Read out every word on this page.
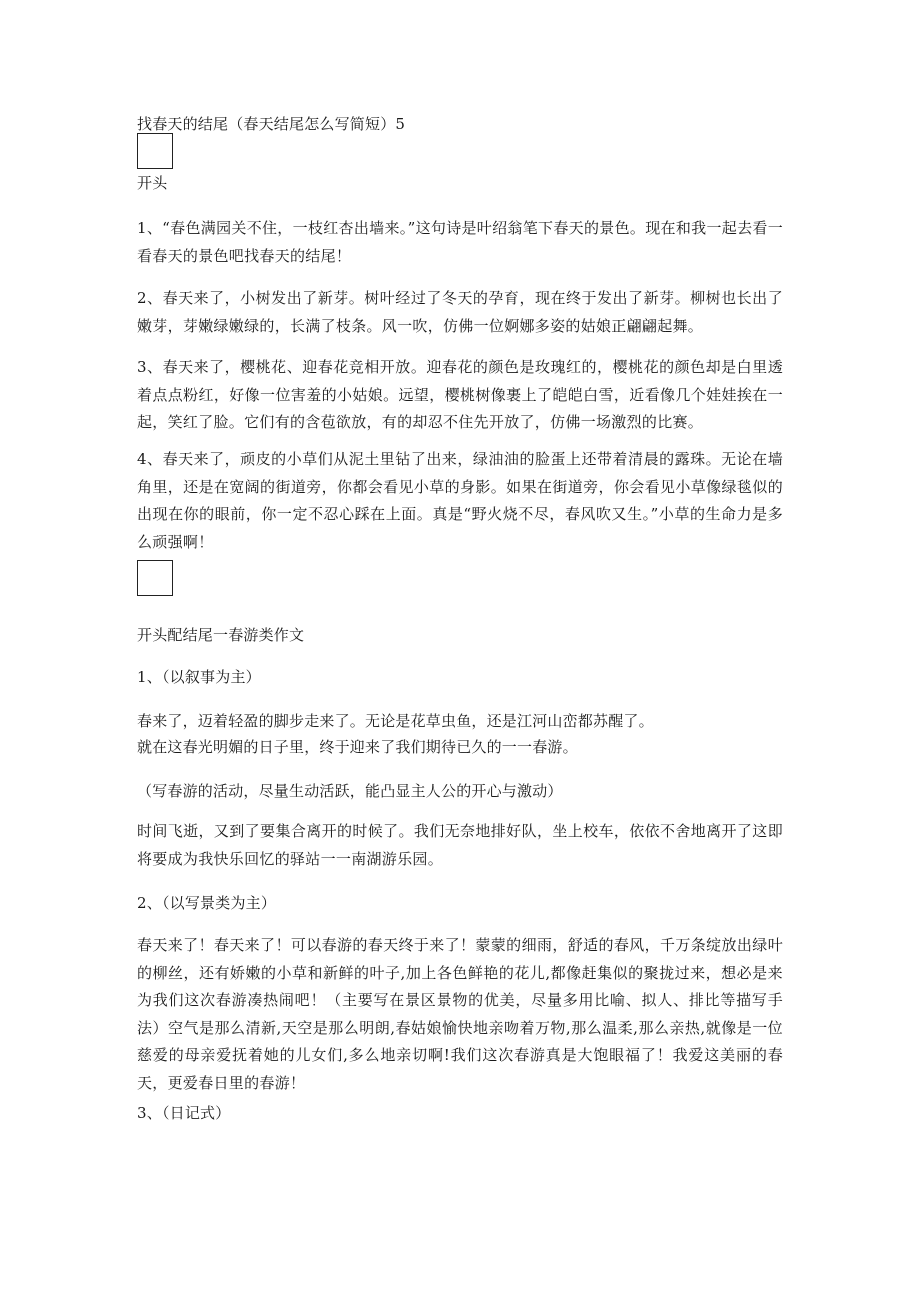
找春天的结尾（春天结尾怎么写简短）5
开头
1、“春色满园关不住，一枝红杏出墙来。”这句诗是叶绍翁笔下春天的景色。现在和我一起去看一看春天的景色吧找春天的结尾！
2、春天来了，小树发出了新芽。树叶经过了冬天的孕育，现在终于发出了新芽。柳树也长出了嫩芽，芽嫩绿嫩绿的，长满了枝条。风一吹，仿佛一位婀娜多姿的姑娘正翩翩起舞。
3、春天来了，樱桃花、迎春花竞相开放。迎春花的颜色是玫瑰红的，樱桃花的颜色却是白里透着点点粉红，好像一位害羞的小姑娘。远望，樱桃树像裹上了皑皑白雪，近看像几个娃娃挨在一起，笑红了脸。它们有的含苞欲放，有的却忍不住先开放了，仿佛一场激烈的比赛。
4、春天来了，顽皮的小草们从泥土里钻了出来，绿油油的脸蛋上还带着清晨的露珠。无论在墙角里，还是在宽阔的街道旁，你都会看见小草的身影。如果在街道旁，你会看见小草像绿毯似的出现在你的眼前，你一定不忍心踩在上面。真是“野火烧不尽，春风吹又生。”小草的生命力是多么顽强啊！
开头配结尾一春游类作文
1、（以叙事为主）
春来了，迈着轻盈的脚步走来了。无论是花草虫鱼，还是江河山峦都苏醒了。
就在这春光明媚的日子里，终于迎来了我们期待已久的一一春游。
（写春游的活动，尽量生动活跃，能凸显主人公的开心与激动）
时间飞逝，又到了要集合离开的时候了。我们无奈地排好队，坐上校车，依依不舍地离开了这即将要成为我快乐回忆的驿站一一南湖游乐园。
2、（以写景类为主）
春天来了！春天来了！可以春游的春天终于来了！蒙蒙的细雨，舒适的春风，千万条绽放出绿叶的柳丝，还有娇嫩的小草和新鲜的叶子,加上各色鲜艳的花儿,都像赶集似的聚拢过来，想必是来为我们这次春游凑热闹吧！（主要写在景区景物的优美，尽量多用比喻、拟人、排比等描写手法）空气是那么清新,天空是那么明朗,春姑娘愉快地亲吻着万物,那么温柔,那么亲热,就像是一位慈爱的母亲爱抚着她的儿女们,多么地亲切啊!我们这次春游真是大饱眼福了！我爱这美丽的春天，更爱春日里的春游！
3、（日记式）
